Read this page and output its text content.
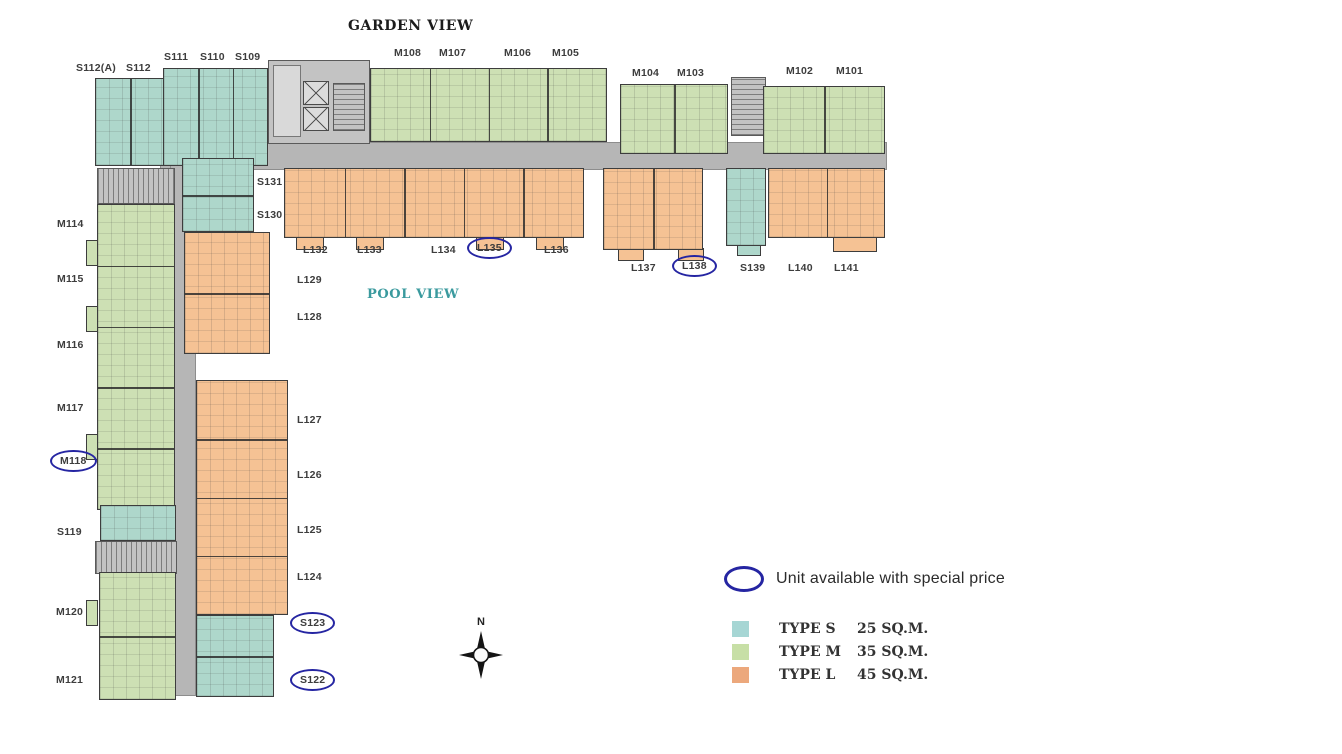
GARDEN VIEW
POOL VIEW
S112(A) S112
S111 S110 S109	M108 M107	M106 M105
M104 M103	M102 M101
S131
S130
L132	L133	L134	L135	L136
L137	L138	S139 L140 L141
M114
M115
M116
M117
M118
S119
M120
M121
L129
L128
L127
L126
L125
L124
S123
S122
N
Unit available with special price
TYPE S	25 SQ.M.
TYPE M	35 SQ.M.
TYPE L	45 SQ.M.
